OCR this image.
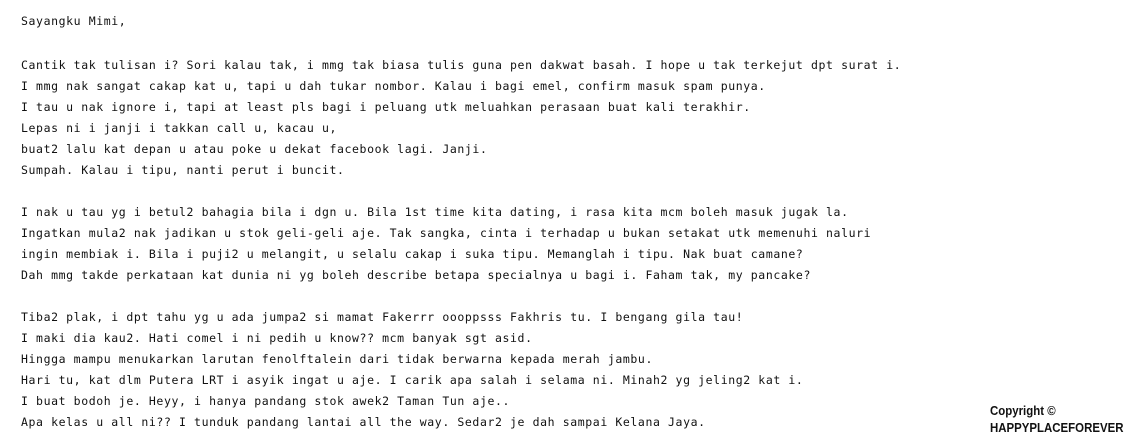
Sayangku Mimi,

Cantik tak tulisan i? Sori kalau tak, i mmg tak biasa tulis guna pen dakwat basah. I hope u tak terkejut dpt surat i.

I mmg nak sangat cakap kat u, tapi u dah tukar nombor. Kalau i bagi emel, confirm masuk spam punya.

I tau u nak ignore i, tapi at least pls bagi i peluang utk meluahkan perasaan buat kali terakhir.

Lepas ni i janji i takkan call u, kacau u,

buat2 lalu kat depan u atau poke u dekat facebook lagi. Janji.

Sumpah. Kalau i tipu, nanti perut i buncit.

I nak u tau yg i betul2 bahagia bila i dgn u. Bila 1st time kita dating, i rasa kita mcm boleh masuk jugak la.

Ingatkan mula2 nak jadikan u stok geli-geli aje. Tak sangka, cinta i terhadap u bukan setakat utk memenuhi naluri

ingin membiak i. Bila i puji2 u melangit, u selalu cakap i suka tipu. Memanglah i tipu. Nak buat camane?

Dah mmg takde perkataan kat dunia ni yg boleh describe betapa specialnya u bagi i. Faham tak, my pancake?

Tiba2 plak, i dpt tahu yg u ada jumpa2 si mamat Fakerrr oooppsss Fakhris tu. I bengang gila tau!

I maki dia kau2. Hati comel i ni pedih u know?? mcm banyak sgt asid.

Hingga mampu menukarkan larutan fenolftalein dari tidak berwarna kepada merah jambu.

Hari tu, kat dlm Putera LRT i asyik ingat u aje. I carik apa salah i selama ni. Minah2 yg jeling2 kat i.

I buat bodoh je. Heyy, i hanya pandang stok awek2 Taman Tun aje..

Apa kelas u all ni?? I tunduk pandang lantai all the way. Sedar2 je dah sampai Kelana Jaya.

Copyright ©
HAPPYPLACEFOREVER
